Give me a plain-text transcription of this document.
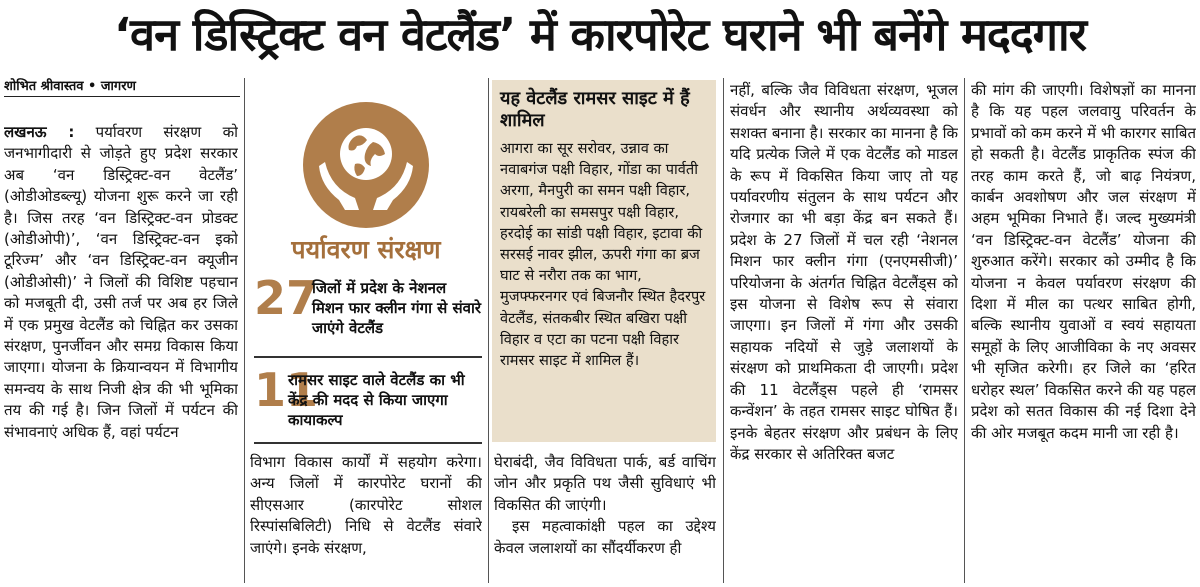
‘वन डिस्ट्रिक्ट वन वेटलैंड’ में कारपोरेट घराने भी बनेंगे मददगार
शोभित श्रीवास्तव • जागरण

लखनऊ : पर्यावरण संरक्षण को जनभागीदारी से जोड़ते हुए प्रदेश सरकार अब ‘वन डिस्ट्रिक्ट-वन वेटलैंड’ (ओडीओडब्ल्यू) योजना शुरू करने जा रही है। जिस तरह ‘वन डिस्ट्रिक्ट-वन प्रोडक्ट (ओडीओपी)’, ‘वन डिस्ट्रिक्ट-वन इको टूरिज्म’ और ‘वन डिस्ट्रिक्ट-वन क्यूजीन (ओडीओसी)’ ने जिलों की विशिष्ट पहचान को मजबूती दी, उसी तर्ज पर अब हर जिले में एक प्रमुख वेटलैंड को चिह्नित कर उसका संरक्षण, पुनर्जीवन और समग्र विकास किया जाएगा। योजना के क्रियान्वयन में विभागीय समन्वय के साथ निजी क्षेत्र की भी भूमिका तय की गई है। जिन जिलों में पर्यटन की संभावनाएं अधिक हैं, वहां पर्यटन

पर्यावरण संरक्षण
27
जिलों में प्रदेश के नेशनल मिशन फार क्लीन गंगा से संवारे जाएंगे वेटलैंड
11
रामसर साइट वाले वेटलैंड का भी केंद्र की मदद से किया जाएगा कायाकल्प

विभाग विकास कार्यों में सहयोग करेगा। अन्य जिलों में कारपोरेट घरानों की सीएसआर (कारपोरेट सोशल रिस्पांसबिलिटी) निधि से वेटलैंड संवारे जाएंगे। इनके संरक्षण,

यह वेटलैंड रामसर साइट में हैं शामिल

आगरा का सूर सरोवर, उन्नाव का नवाबगंज पक्षी विहार, गोंडा का पार्वती अरगा, मैनपुरी का समन पक्षी विहार, रायबरेली का समसपुर पक्षी विहार, हरदोई का सांडी पक्षी विहार, इटावा की सरसई नावर झील, ऊपरी गंगा का ब्रज घाट से नरौरा तक का भाग, मुजफ्फरनगर एवं बिजनौर स्थित हैदरपुर वेटलैंड, संतकबीर स्थित बखिरा पक्षी विहार व एटा का पटना पक्षी विहार रामसर साइट में शामिल हैं।

घेराबंदी, जैव विविधता पार्क, बर्ड वाचिंग जोन और प्रकृति पथ जैसी सुविधाएं भी विकसित की जाएंगी।

इस महत्वाकांक्षी पहल का उद्देश्य केवल जलाशयों का सौंदर्यीकरण ही

नहीं, बल्कि जैव विविधता संरक्षण, भूजल संवर्धन और स्थानीय अर्थव्यवस्था को सशक्त बनाना है। सरकार का मानना है कि यदि प्रत्येक जिले में एक वेटलैंड को माडल के रूप में विकसित किया जाए तो यह पर्यावरणीय संतुलन के साथ पर्यटन और रोजगार का भी बड़ा केंद्र बन सकते हैं। प्रदेश के 27 जिलों में चल रही ‘नेशनल मिशन फार क्लीन गंगा (एनएमसीजी)’ परियोजना के अंतर्गत चिह्नित वेटलैंड्स को इस योजना से विशेष रूप से संवारा जाएगा। इन जिलों में गंगा और उसकी सहायक नदियों से जुड़े जलाशयों के संरक्षण को प्राथमिकता दी जाएगी। प्रदेश की 11 वेटलैंड्स पहले ही ‘रामसर कन्वेंशन’ के तहत रामसर साइट घोषित हैं। इनके बेहतर संरक्षण और प्रबंधन के लिए केंद्र सरकार से अतिरिक्त बजट

की मांग की जाएगी। विशेषज्ञों का मानना है कि यह पहल जलवायु परिवर्तन के प्रभावों को कम करने में भी कारगर साबित हो सकती है। वेटलैंड प्राकृतिक स्पंज की तरह काम करते हैं, जो बाढ़ नियंत्रण, कार्बन अवशोषण और जल संरक्षण में अहम भूमिका निभाते हैं। जल्द मुख्यमंत्री ‘वन डिस्ट्रिक्ट-वन वेटलैंड’ योजना की शुरुआत करेंगे। सरकार को उम्मीद है कि योजना न केवल पर्यावरण संरक्षण की दिशा में मील का पत्थर साबित होगी, बल्कि स्थानीय युवाओं व स्वयं सहायता समूहों के लिए आजीविका के नए अवसर भी सृजित करेगी। हर जिले का ‘हरित धरोहर स्थल’ विकसित करने की यह पहल प्रदेश को सतत विकास की नई दिशा देने की ओर मजबूत कदम मानी जा रही है।
